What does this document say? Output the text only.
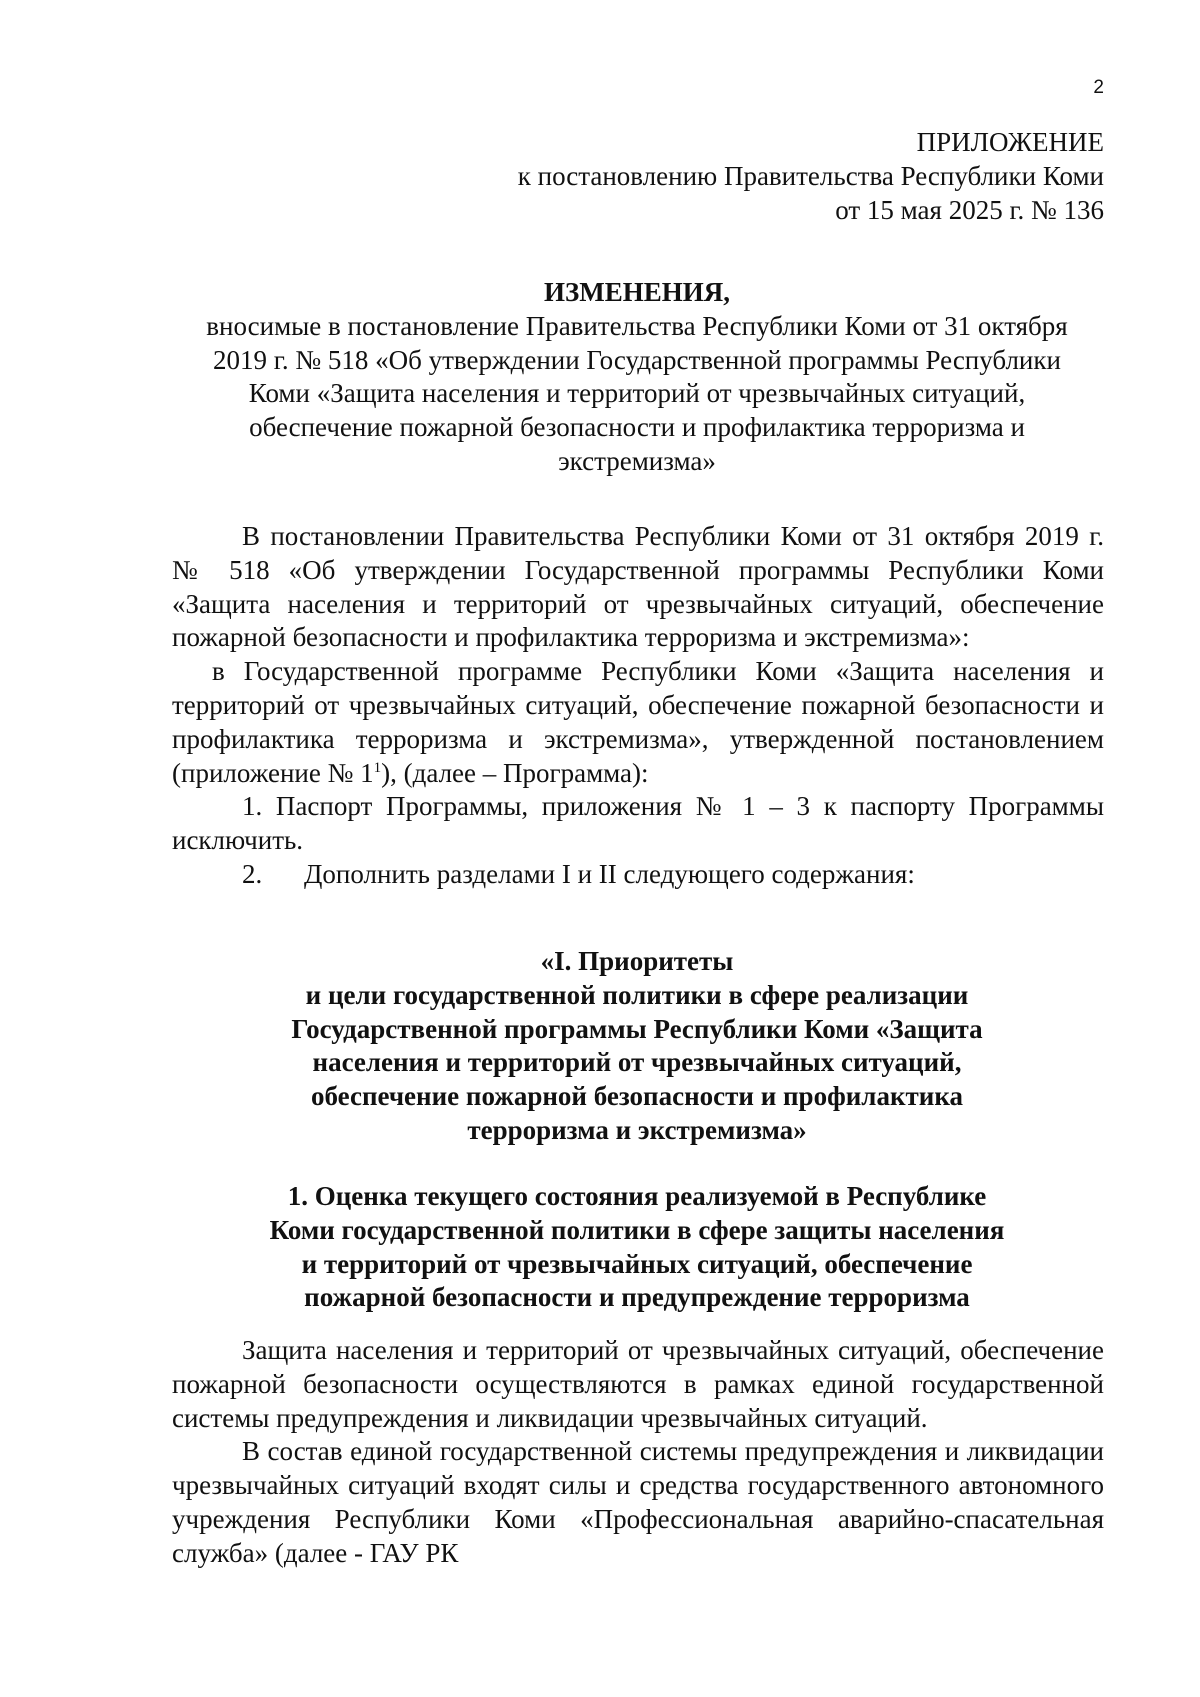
2
ПРИЛОЖЕНИЕ
к постановлению Правительства Республики Коми
от 15 мая 2025 г. № 136
ИЗМЕНЕНИЯ,
вносимые в постановление Правительства Республики Коми от 31 октября
2019 г. № 518 «Об утверждении Государственной программы Республики
Коми «Защита населения и территорий от чрезвычайных ситуаций,
обеспечение пожарной безопасности и профилактика терроризма и
экстремизма»

В постановлении Правительства Республики Коми от 31 октября 2019 г. № 518 «Об утверждении Государственной программы Республики Коми «Защита населения и территорий от чрезвычайных ситуаций, обеспечение пожарной безопасности и профилактика терроризма и экстремизма»:

в Государственной программе Республики Коми «Защита населения и территорий от чрезвычайных ситуаций, обеспечение пожарной безопасности и профилактика терроризма и экстремизма», утвержденной постановлением (приложение № $1^1$), (далее – Программа):

1. Паспорт Программы, приложения № 1 – 3 к паспорту Программы исключить.

2. Дополнить разделами I и II следующего содержания:

«I. Приоритеты
и цели государственной политики в сфере реализации
Государственной программы Республики Коми «Защита
населения и территорий от чрезвычайных ситуаций,
обеспечение пожарной безопасности и профилактика
терроризма и экстремизма»
1. Оценка текущего состояния реализуемой в Республике
Коми государственной политики в сфере защиты населения
и территорий от чрезвычайных ситуаций, обеспечение
пожарной безопасности и предупреждение терроризма

Защита населения и территорий от чрезвычайных ситуаций, обеспечение пожарной безопасности осуществляются в рамках единой государственной системы предупреждения и ликвидации чрезвычайных ситуаций.

В состав единой государственной системы предупреждения и ликвидации чрезвычайных ситуаций входят силы и средства государственного автономного учреждения Республики Коми «Профессиональная аварийно-спасательная служба» (далее - ГАУ РК
